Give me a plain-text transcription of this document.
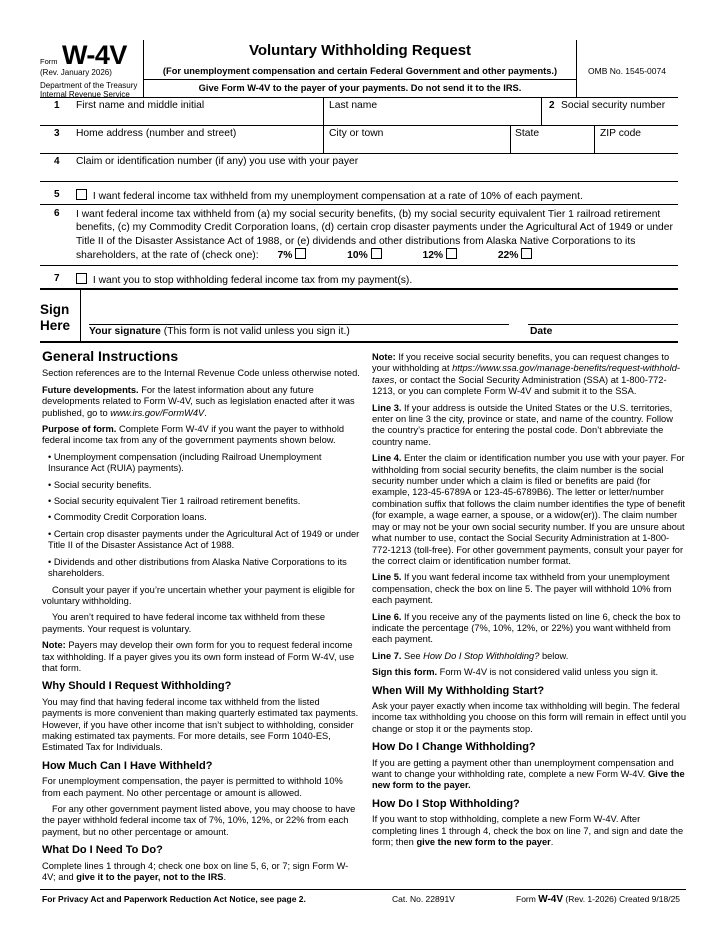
Form W-4V
(Rev. January 2026)
Department of the Treasury
Internal Revenue Service
Voluntary Withholding Request
(For unemployment compensation and certain Federal Government and other payments.)
Give Form W-4V to the payer of your payments. Do not send it to the IRS.
OMB No. 1545-0074
1 First name and middle initial	Last name	2 Social security number
3 Home address (number and street)	City or town	State	ZIP code
4 Claim or identification number (if any) you use with your payer
5	I want federal income tax withheld from my unemployment compensation at a rate of 10% of each payment.
6 I want federal income tax withheld from (a) my social security benefits, (b) my social security equivalent Tier 1 railroad retirement benefits, (c) my Commodity Credit Corporation loans, (d) certain crop disaster payments under the Agricultural Act of 1949 or under Title II of the Disaster Assistance Act of 1988, or (e) dividends and other distributions from Alaska Native Corporations to its shareholders, at the rate of (check one): 7%	10%	12%	22%
7	I want you to stop withholding federal income tax from my payment(s).
Sign
Here Your signature (This form is not valid unless you sign it.)	Date
General Instructions

Section references are to the Internal Revenue Code unless otherwise noted.

Future developments. For the latest information about any future developments related to Form W-4V, such as legislation enacted after it was published, go to www.irs.gov/FormW4V.

Purpose of form. Complete Form W-4V if you want the payer to withhold federal income tax from any of the government payments shown below.

• Unemployment compensation (including Railroad Unemployment Insurance Act (RUIA) payments).

• Social security benefits.

• Social security equivalent Tier 1 railroad retirement benefits.

• Commodity Credit Corporation loans.

• Certain crop disaster payments under the Agricultural Act of 1949 or under Title II of the Disaster Assistance Act of 1988.

• Dividends and other distributions from Alaska Native Corporations to its shareholders.

Consult your payer if you’re uncertain whether your payment is eligible for voluntary withholding.

You aren’t required to have federal income tax withheld from these payments. Your request is voluntary.

Note: Payers may develop their own form for you to request federal income tax withholding. If a payer gives you its own form instead of Form W-4V, use that form.

Why Should I Request Withholding?

You may find that having federal income tax withheld from the listed payments is more convenient than making quarterly estimated tax payments. However, if you have other income that isn’t subject to withholding, consider making estimated tax payments. For more details, see Form 1040-ES, Estimated Tax for Individuals.

How Much Can I Have Withheld?

For unemployment compensation, the payer is permitted to withhold 10% from each payment. No other percentage or amount is allowed.

For any other government payment listed above, you may choose to have the payer withhold federal income tax of 7%, 10%, 12%, or 22% from each payment, but no other percentage or amount.

What Do I Need To Do?

Complete lines 1 through 4; check one box on line 5, 6, or 7; sign Form W-4V; and give it to the payer, not to the IRS.

Note: If you receive social security benefits, you can request changes to your withholding at https://www.ssa.gov/manage-benefits/request-withhold-taxes, or contact the Social Security Administration (SSA) at 1-800-772-1213, or you can complete Form W-4V and submit it to the SSA.

Line 3. If your address is outside the United States or the U.S. territories, enter on line 3 the city, province or state, and name of the country. Follow the country’s practice for entering the postal code. Don’t abbreviate the country name.

Line 4. Enter the claim or identification number you use with your payer. For withholding from social security benefits, the claim number is the social security number under which a claim is filed or benefits are paid (for example, 123-45-6789A or 123-45-6789B6). The letter or letter/number combination suffix that follows the claim number identifies the type of benefit (for example, a wage earner, a spouse, or a widow(er)). The claim number may or may not be your own social security number. If you are unsure about what number to use, contact the Social Security Administration at 1-800-772-1213 (toll-free). For other government payments, consult your payer for the correct claim or identification number format.

Line 5. If you want federal income tax withheld from your unemployment compensation, check the box on line 5. The payer will withhold 10% from each payment.

Line 6. If you receive any of the payments listed on line 6, check the box to indicate the percentage (7%, 10%, 12%, or 22%) you want withheld from each payment.

Line 7. See How Do I Stop Withholding? below.

Sign this form. Form W-4V is not considered valid unless you sign it.

When Will My Withholding Start?

Ask your payer exactly when income tax withholding will begin. The federal income tax withholding you choose on this form will remain in effect until you change or stop it or the payments stop.

How Do I Change Withholding?

If you are getting a payment other than unemployment compensation and want to change your withholding rate, complete a new Form W-4V. Give the new form to the payer.

How Do I Stop Withholding?

If you want to stop withholding, complete a new Form W-4V. After completing lines 1 through 4, check the box on line 7, and sign and date the form; then give the new form to the payer.

For Privacy Act and Paperwork Reduction Act Notice, see page 2.	Cat. No. 22891V	Form W-4V (Rev. 1-2026) Created 9/18/25
